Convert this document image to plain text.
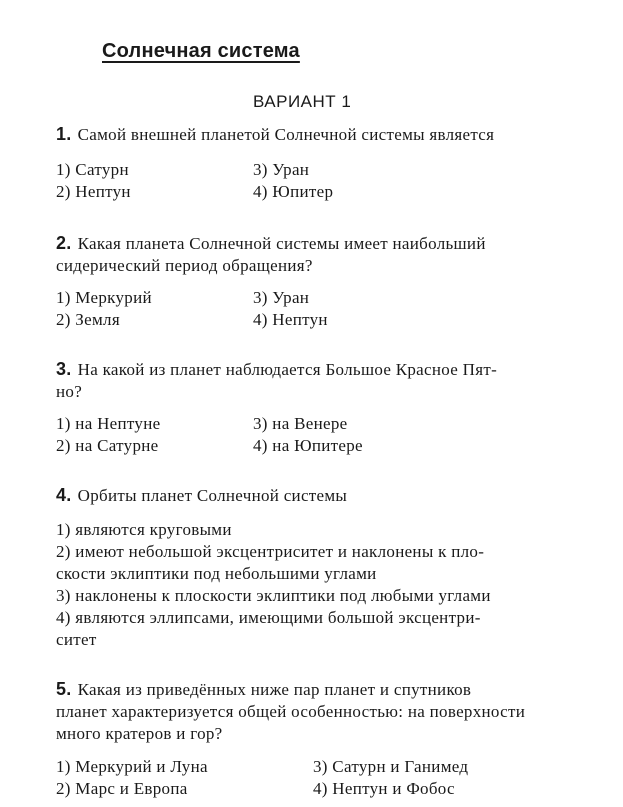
Солнечная система
ВАРИАНТ 1
1. Самой внешней планетой Солнечной системы является
1) Сатурн	3) Уран
2) Нептун	4) Юпитер
2. Какая планета Солнечной системы имеет наибольший
сидерический период обращения?
1) Меркурий	3) Уран
2) Земля	4) Нептун
3. На какой из планет наблюдается Большое Красное Пят-
но?
1) на Нептуне	3) на Венере
2) на Сатурне	4) на Юпитере
4. Орбиты планет Солнечной системы
1) являются круговыми
2) имеют небольшой эксцентриситет и наклонены к пло-
скости эклиптики под небольшими углами
3) наклонены к плоскости эклиптики под любыми углами
4) являются эллипсами, имеющими большой эксцентри-
ситет
5. Какая из приведённых ниже пар планет и спутников
планет характеризуется общей особенностью: на поверхности
много кратеров и гор?
1) Меркурий и Луна	3) Сатурн и Ганимед
2) Марс и Европа	4) Нептун и Фобос
